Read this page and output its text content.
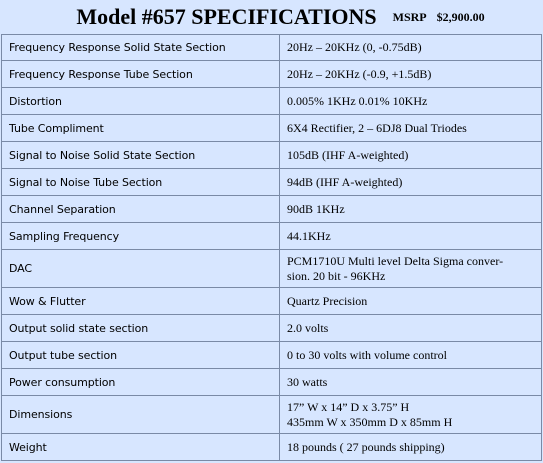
Model #657 SPECIFICATIONS MSRP $2,900.00
Frequency Response Solid State Section	20Hz – 20KHz (0, -0.75dB)

Frequency Response Tube Section	20Hz – 20KHz (-0.9, +1.5dB)

Distortion	0.005% 1KHz 0.01% 10KHz

Tube Compliment	6X4 Rectifier, 2 – 6DJ8 Dual Triodes

Signal to Noise Solid State Section	105dB (IHF A-weighted)

Signal to Noise Tube Section	94dB (IHF A-weighted)

Channel Separation	90dB 1KHz

Sampling Frequency	44.1KHz

DAC	PCM1710U Multi level Delta Sigma conver-
sion. 20 bit - 96KHz

Wow & Flutter	Quartz Precision

Output solid state section	2.0 volts

Output tube section	0 to 30 volts with volume control

Power consumption	30 watts

Dimensions	17” W x 14” D x 3.75” H
435mm W x 350mm D x 85mm H

Weight	18 pounds ( 27 pounds shipping)
